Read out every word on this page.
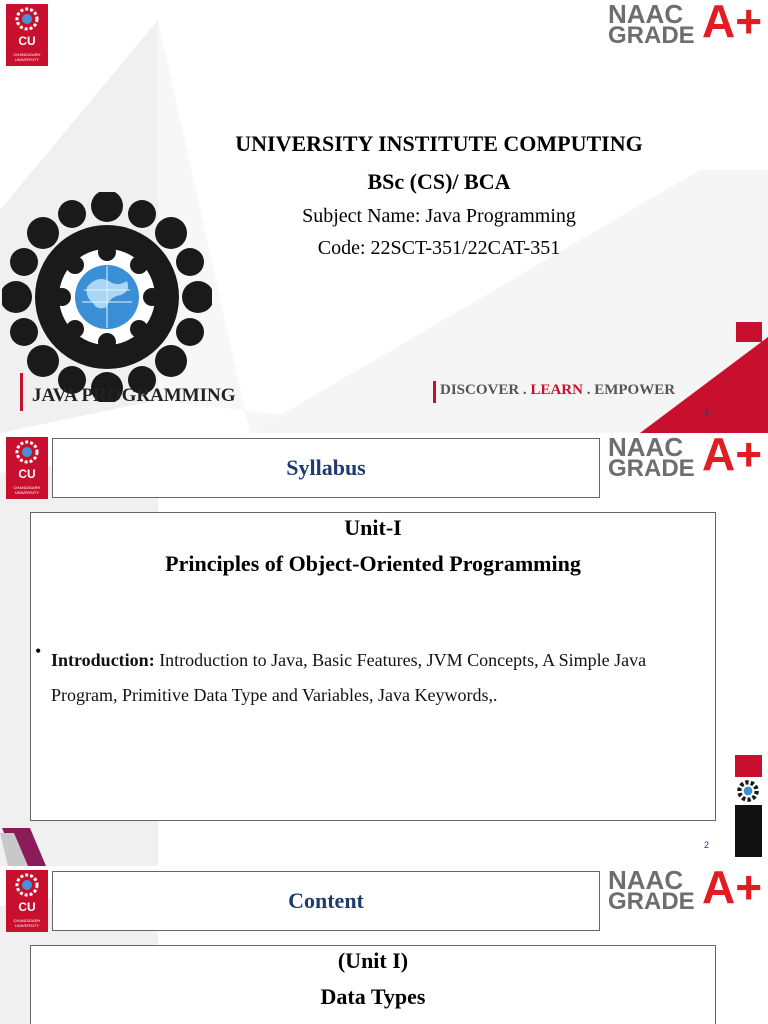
CU
CHANDIGARH UNIVERSITY
NAAC
GRADE A+
UNIVERSITY INSTITUTE COMPUTING
BSc (CS)/ BCA
Subject Name: Java Programming
Code: 22SCT-351/22CAT-351
JAVA PROGRAMMING	DISCOVER . LEARN . EMPOWER
1
CU
CHANDIGARH UNIVERSITY
NAAC
GRADE A+
Syllabus
Unit-I
Principles of Object-Oriented Programming
• Introduction: Introduction to Java, Basic Features, JVM Concepts, A Simple Java Program, Primitive Data Type and Variables, Java Keywords,.
2
CU
CHANDIGARH UNIVERSITY
NAAC
GRADE A+
Content
(Unit I)
Data Types
